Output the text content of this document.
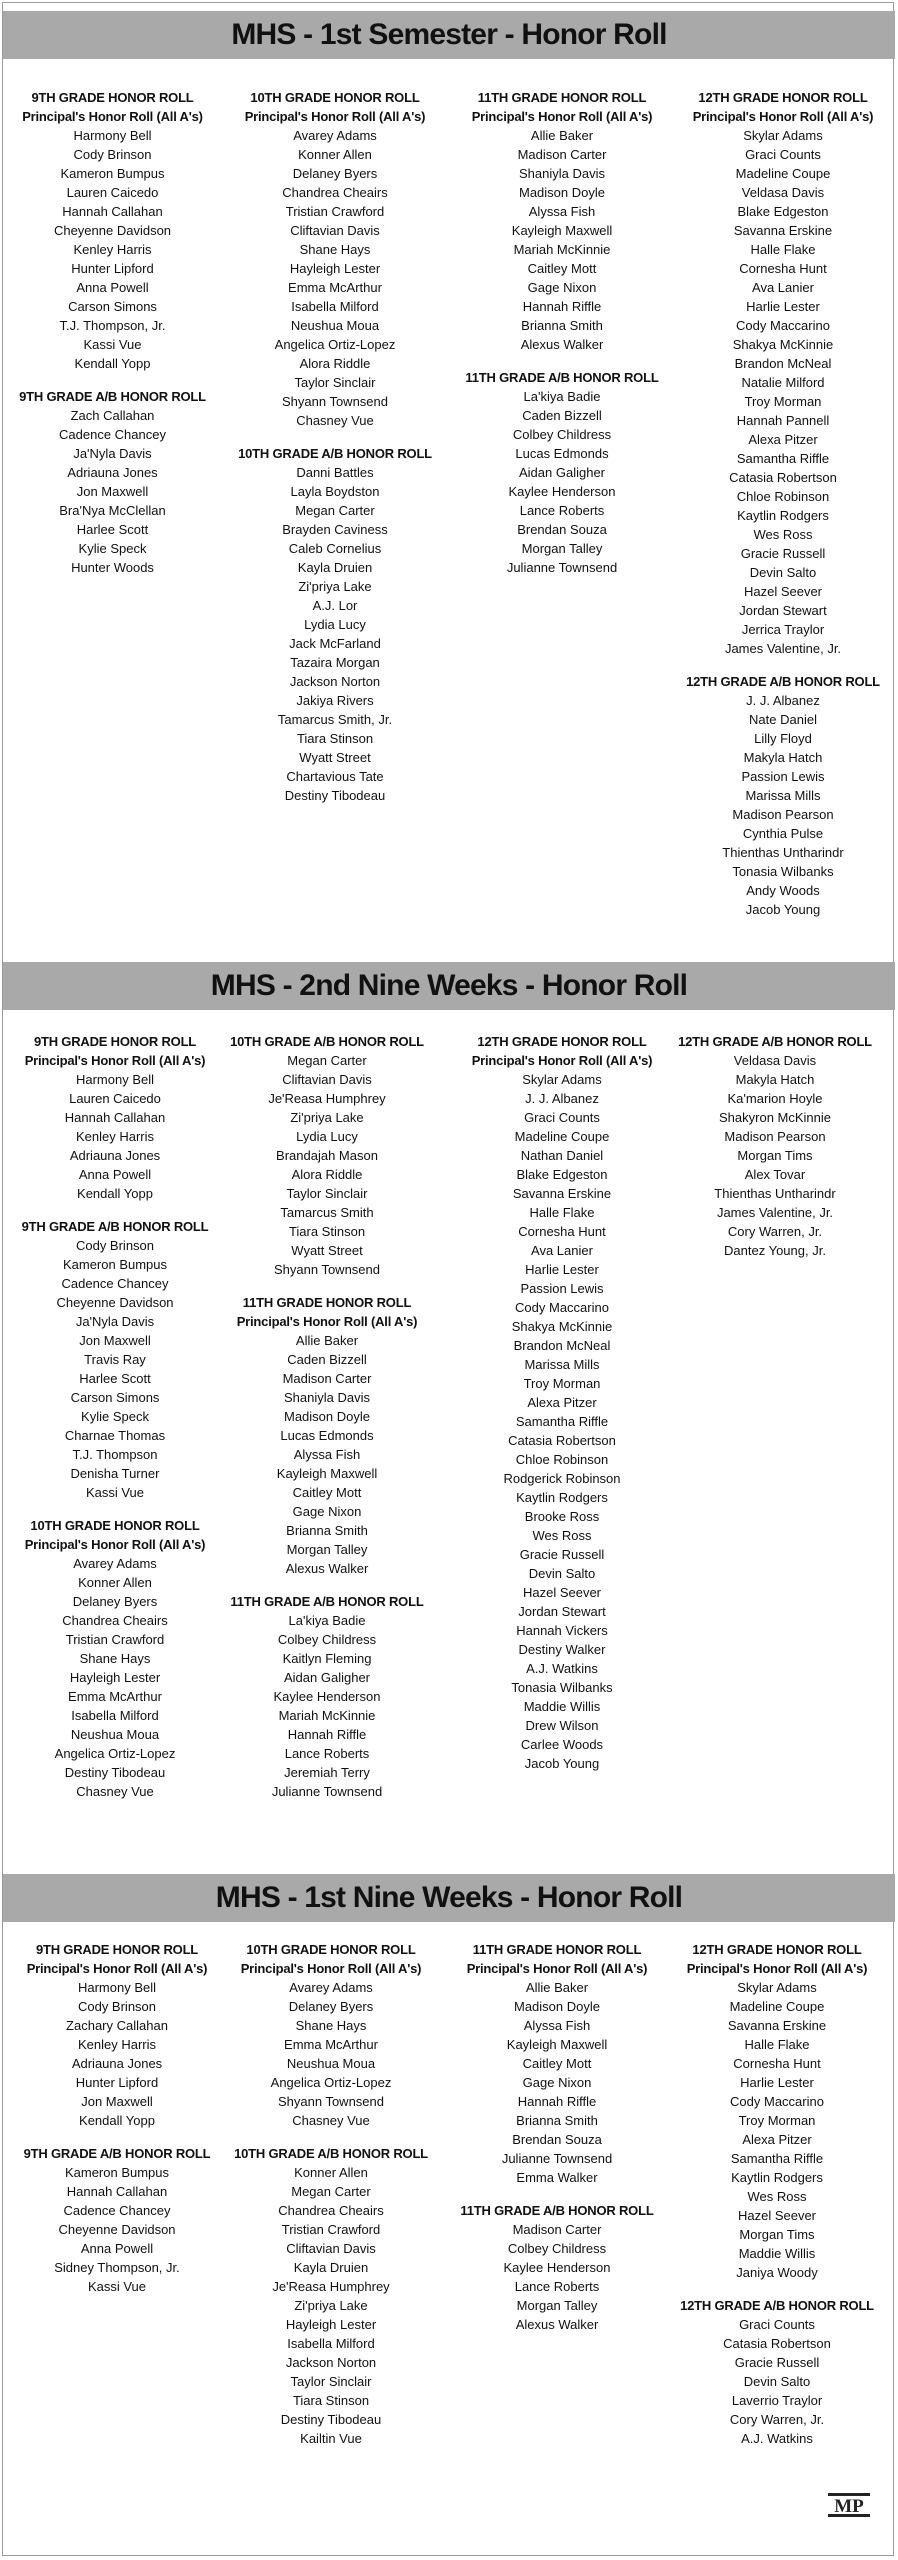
MHS - 1st Semester - Honor Roll
9TH GRADE HONOR ROLL
Principal's Honor Roll (All A's)
Harmony Bell
Cody Brinson
Kameron Bumpus
Lauren Caicedo
Hannah Callahan
Cheyenne Davidson
Kenley Harris
Hunter Lipford
Anna Powell
Carson Simons
T.J. Thompson, Jr.
Kassi Vue
Kendall Yopp
9TH GRADE A/B HONOR ROLL
Zach Callahan
Cadence Chancey
Ja'Nyla Davis
Adriauna Jones
Jon Maxwell
Bra'Nya McClellan
Harlee Scott
Kylie Speck
Hunter Woods
10TH GRADE HONOR ROLL
Principal's Honor Roll (All A's)
Avarey Adams
Konner Allen
Delaney Byers
Chandrea Cheairs
Tristian Crawford
Cliftavian Davis
Shane Hays
Hayleigh Lester
Emma McArthur
Isabella Milford
Neushua Moua
Angelica Ortiz-Lopez
Alora Riddle
Taylor Sinclair
Shyann Townsend
Chasney Vue
10TH GRADE A/B HONOR ROLL
Danni Battles
Layla Boydston
Megan Carter
Brayden Caviness
Caleb Cornelius
Kayla Druien
Zi'priya Lake
A.J. Lor
Lydia Lucy
Jack McFarland
Tazaira Morgan
Jackson Norton
Jakiya Rivers
Tamarcus Smith, Jr.
Tiara Stinson
Wyatt Street
Chartavious Tate
Destiny Tibodeau
11TH GRADE HONOR ROLL
Principal's Honor Roll (All A's)
Allie Baker
Madison Carter
Shaniyla Davis
Madison Doyle
Alyssa Fish
Kayleigh Maxwell
Mariah McKinnie
Caitley Mott
Gage Nixon
Hannah Riffle
Brianna Smith
Alexus Walker
11TH GRADE A/B HONOR ROLL
La'kiya Badie
Caden Bizzell
Colbey Childress
Lucas Edmonds
Aidan Galigher
Kaylee Henderson
Lance Roberts
Brendan Souza
Morgan Talley
Julianne Townsend
12TH GRADE HONOR ROLL
Principal's Honor Roll (All A's)
Skylar Adams
Graci Counts
Madeline Coupe
Veldasa Davis
Blake Edgeston
Savanna Erskine
Halle Flake
Cornesha Hunt
Ava Lanier
Harlie Lester
Cody Maccarino
Shakya McKinnie
Brandon McNeal
Natalie Milford
Troy Morman
Hannah Pannell
Alexa Pitzer
Samantha Riffle
Catasia Robertson
Chloe Robinson
Kaytlin Rodgers
Wes Ross
Gracie Russell
Devin Salto
Hazel Seever
Jordan Stewart
Jerrica Traylor
James Valentine, Jr.
12TH GRADE A/B HONOR ROLL
J. J. Albanez
Nate Daniel
Lilly Floyd
Makyla Hatch
Passion Lewis
Marissa Mills
Madison Pearson
Cynthia Pulse
Thienthas Untharindr
Tonasia Wilbanks
Andy Woods
Jacob Young
MHS - 2nd Nine Weeks - Honor Roll
9TH GRADE HONOR ROLL
Principal's Honor Roll (All A's)
Harmony Bell
Lauren Caicedo
Hannah Callahan
Kenley Harris
Adriauna Jones
Anna Powell
Kendall Yopp
9TH GRADE A/B HONOR ROLL
Cody Brinson
Kameron Bumpus
Cadence Chancey
Cheyenne Davidson
Ja'Nyla Davis
Jon Maxwell
Travis Ray
Harlee Scott
Carson Simons
Kylie Speck
Charnae Thomas
T.J. Thompson
Denisha Turner
Kassi Vue
10TH GRADE HONOR ROLL
Principal's Honor Roll (All A's)
Avarey Adams
Konner Allen
Delaney Byers
Chandrea Cheairs
Tristian Crawford
Shane Hays
Hayleigh Lester
Emma McArthur
Isabella Milford
Neushua Moua
Angelica Ortiz-Lopez
Destiny Tibodeau
Chasney Vue
10TH GRADE A/B HONOR ROLL
Megan Carter
Cliftavian Davis
Je'Reasa Humphrey
Zi'priya Lake
Lydia Lucy
Brandajah Mason
Alora Riddle
Taylor Sinclair
Tamarcus Smith
Tiara Stinson
Wyatt Street
Shyann Townsend
11TH GRADE HONOR ROLL
Principal's Honor Roll (All A's)
Allie Baker
Caden Bizzell
Madison Carter
Shaniyla Davis
Madison Doyle
Lucas Edmonds
Alyssa Fish
Kayleigh Maxwell
Caitley Mott
Gage Nixon
Brianna Smith
Morgan Talley
Alexus Walker
11TH GRADE A/B HONOR ROLL
La'kiya Badie
Colbey Childress
Kaitlyn Fleming
Aidan Galigher
Kaylee Henderson
Mariah McKinnie
Hannah Riffle
Lance Roberts
Jeremiah Terry
Julianne Townsend
12TH GRADE HONOR ROLL
Principal's Honor Roll (All A's)
Skylar Adams
J. J. Albanez
Graci Counts
Madeline Coupe
Nathan Daniel
Blake Edgeston
Savanna Erskine
Halle Flake
Cornesha Hunt
Ava Lanier
Harlie Lester
Passion Lewis
Cody Maccarino
Shakya McKinnie
Brandon McNeal
Marissa Mills
Troy Morman
Alexa Pitzer
Samantha Riffle
Catasia Robertson
Chloe Robinson
Rodgerick Robinson
Kaytlin Rodgers
Brooke Ross
Wes Ross
Gracie Russell
Devin Salto
Hazel Seever
Jordan Stewart
Hannah Vickers
Destiny Walker
A.J. Watkins
Tonasia Wilbanks
Maddie Willis
Drew Wilson
Carlee Woods
Jacob Young
12TH GRADE A/B HONOR ROLL
Veldasa Davis
Makyla Hatch
Ka'marion Hoyle
Shakyron McKinnie
Madison Pearson
Morgan Tims
Alex Tovar
Thienthas Untharindr
James Valentine, Jr.
Cory Warren, Jr.
Dantez Young, Jr.
MHS - 1st Nine Weeks - Honor Roll
9TH GRADE HONOR ROLL
Principal's Honor Roll (All A's)
Harmony Bell
Cody Brinson
Zachary Callahan
Kenley Harris
Adriauna Jones
Hunter Lipford
Jon Maxwell
Kendall Yopp
9TH GRADE A/B HONOR ROLL
Kameron Bumpus
Hannah Callahan
Cadence Chancey
Cheyenne Davidson
Anna Powell
Sidney Thompson, Jr.
Kassi Vue
10TH GRADE HONOR ROLL
Principal's Honor Roll (All A's)
Avarey Adams
Delaney Byers
Shane Hays
Emma McArthur
Neushua Moua
Angelica Ortiz-Lopez
Shyann Townsend
Chasney Vue
10TH GRADE A/B HONOR ROLL
Konner Allen
Megan Carter
Chandrea Cheairs
Tristian Crawford
Cliftavian Davis
Kayla Druien
Je'Reasa Humphrey
Zi'priya Lake
Hayleigh Lester
Isabella Milford
Jackson Norton
Taylor Sinclair
Tiara Stinson
Destiny Tibodeau
Kailtin Vue
11TH GRADE HONOR ROLL
Principal's Honor Roll (All A's)
Allie Baker
Madison Doyle
Alyssa Fish
Kayleigh Maxwell
Caitley Mott
Gage Nixon
Hannah Riffle
Brianna Smith
Brendan Souza
Julianne Townsend
Emma Walker
11TH GRADE A/B HONOR ROLL
Madison Carter
Colbey Childress
Kaylee Henderson
Lance Roberts
Morgan Talley
Alexus Walker
12TH GRADE HONOR ROLL
Principal's Honor Roll (All A's)
Skylar Adams
Madeline Coupe
Savanna Erskine
Halle Flake
Cornesha Hunt
Harlie Lester
Cody Maccarino
Troy Morman
Alexa Pitzer
Samantha Riffle
Kaytlin Rodgers
Wes Ross
Hazel Seever
Morgan Tims
Maddie Willis
Janiya Woody
12TH GRADE A/B HONOR ROLL
Graci Counts
Catasia Robertson
Gracie Russell
Devin Salto
Laverrio Traylor
Cory Warren, Jr.
A.J. Watkins
MP
